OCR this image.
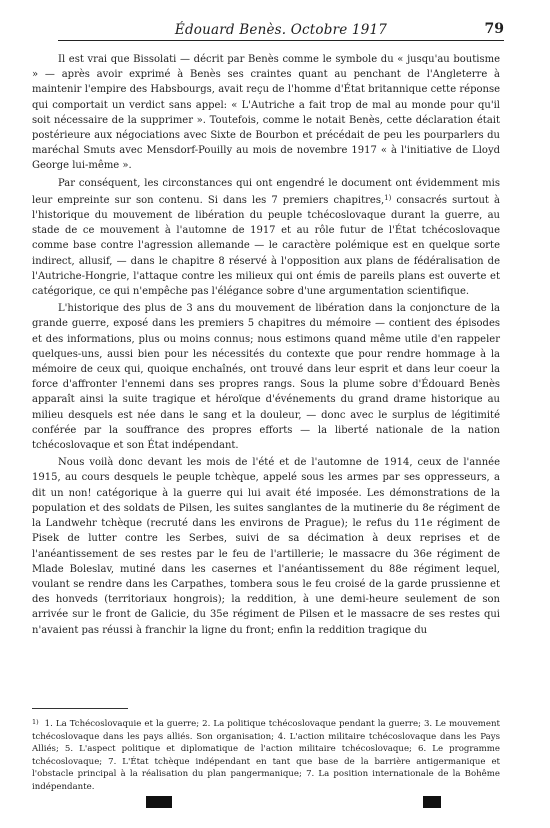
Édouard Benès. Octobre 1917	79

Il est vrai que Bissolati — décrit par Benès comme le symbole du « jusqu'au boutisme » — après avoir exprimé à Benès ses craintes quant au penchant de l'Angleterre à maintenir l'empire des Habsbourgs, avait reçu de l'homme d'État britannique cette réponse qui comportait un verdict sans appel: « L'Autriche a fait trop de mal au monde pour qu'il soit nécessaire de la supprimer ». Toutefois, comme le notait Benès, cette déclaration était postérieure aux négociations avec Sixte de Bourbon et précédait de peu les pourparlers du maréchal Smuts avec Mensdorf-Pouilly au mois de novembre 1917 « à l'initiative de Lloyd George lui-même ».

Par conséquent, les circonstances qui ont engendré le document ont évidemment mis leur empreinte sur son contenu. Si dans les 7 premiers chapitres,$^{1)}$ consacrés surtout à l'historique du mouvement de libération du peuple tchécoslovaque durant la guerre, au stade de ce mouvement à l'automne de 1917 et au rôle futur de l'État tchécoslovaque comme base contre l'agression allemande — le caractère polémique est en quelque sorte indirect, allusif, — dans le chapitre 8 réservé à l'opposition aux plans de fédéralisation de l'Autriche-Hongrie, l'attaque contre les milieux qui ont émis de pareils plans est ouverte et catégorique, ce qui n'empêche pas l'élégance sobre d'une argumentation scientifique.

L'historique des plus de 3 ans du mouvement de libération dans la conjoncture de la grande guerre, exposé dans les premiers 5 chapitres du mémoire — contient des épisodes et des informations, plus ou moins connus; nous estimons quand même utile d'en rappeler quelques-uns, aussi bien pour les nécessités du contexte que pour rendre hommage à la mémoire de ceux qui, quoique enchaînés, ont trouvé dans leur esprit et dans leur coeur la force d'affronter l'ennemi dans ses propres rangs. Sous la plume sobre d'Édouard Benès apparaît ainsi la suite tragique et héroïque d'événements du grand drame historique au milieu desquels est née dans le sang et la douleur, — donc avec le surplus de légitimité conférée par la souffrance des propres efforts — la liberté nationale de la nation tchécoslovaque et son État indépendant.

Nous voilà donc devant les mois de l'été et de l'automne de 1914, ceux de l'année 1915, au cours desquels le peuple tchèque, appelé sous les armes par ses oppresseurs, a dit un non! catégorique à la guerre qui lui avait été imposée. Les démonstrations de la population et des soldats de Pilsen, les suites sanglantes de la mutinerie du 8e régiment de la Landwehr tchèque (recruté dans les environs de Prague); le refus du 11e régiment de Pisek de lutter contre les Serbes, suivi de sa décimation à deux reprises et de l'anéantissement de ses restes par le feu de l'artillerie; le massacre du 36e régiment de Mlade Boleslav, mutiné dans les casernes et l'anéantissement du 88e régiment lequel, voulant se rendre dans les Carpathes, tombera sous le feu croisé de la garde prussienne et des honveds (territoriaux hongrois); la reddition, à une demi-heure seulement de son arrivée sur le front de Galicie, du 35e régiment de Pilsen et le massacre de ses restes qui n'avaient pas réussi à franchir la ligne du front; enfin la reddition tragique du

$^{1)}$ 1. La Tchécoslovaquie et la guerre; 2. La politique tchécoslovaque pendant la guerre; 3. Le mouvement tchécoslovaque dans les pays alliés. Son organisation; 4. L'action militaire tchécoslovaque dans les Pays Alliés; 5. L'aspect politique et diplomatique de l'action militaire tchécoslovaque; 6. Le programme tchécoslovaque; 7. L'État tchèque indépendant en tant que base de la barrière antigermanique et l'obstacle principal à la réalisation du plan pangermanique; 7. La position internationale de la Bohême indépendante.
